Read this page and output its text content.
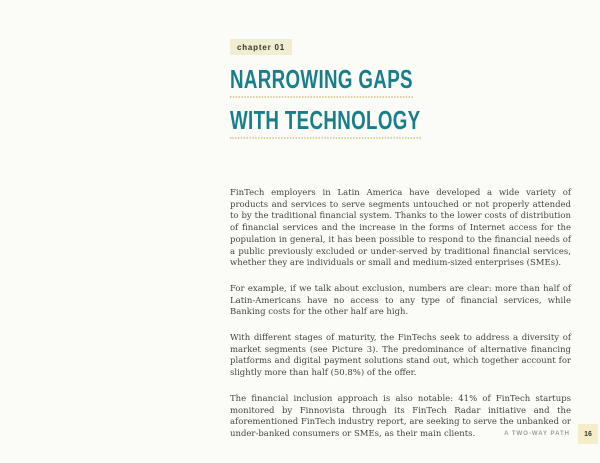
chapter 01
NARROWING GAPS
WITH TECHNOLOGY

FinTech employers in Latin America have developed a wide variety of products and services to serve segments untouched or not properly attended to by the traditional financial system. Thanks to the lower costs of distribution of financial services and the increase in the forms of Internet access for the population in general, it has been possible to respond to the financial needs of a public previously excluded or under-served by traditional financial services, whether they are individuals or small and medium-sized enterprises (SMEs).

For example, if we talk about exclusion, numbers are clear: more than half of Latin-Americans have no access to any type of financial services, while Banking costs for the other half are high.

With different stages of maturity, the FinTechs seek to address a diversity of market segments (see Picture 3). The predominance of alternative financing platforms and digital payment solutions stand out, which together account for slightly more than half (50.8%) of the offer.

The financial inclusion approach is also notable: 41% of FinTech startups monitored by Finnovista through its FinTech Radar initiative and the aforementioned FinTech industry report, are seeking to serve the unbanked or under-banked consumers or SMEs, as their main clients.	A TWO-WAY PATH	16
